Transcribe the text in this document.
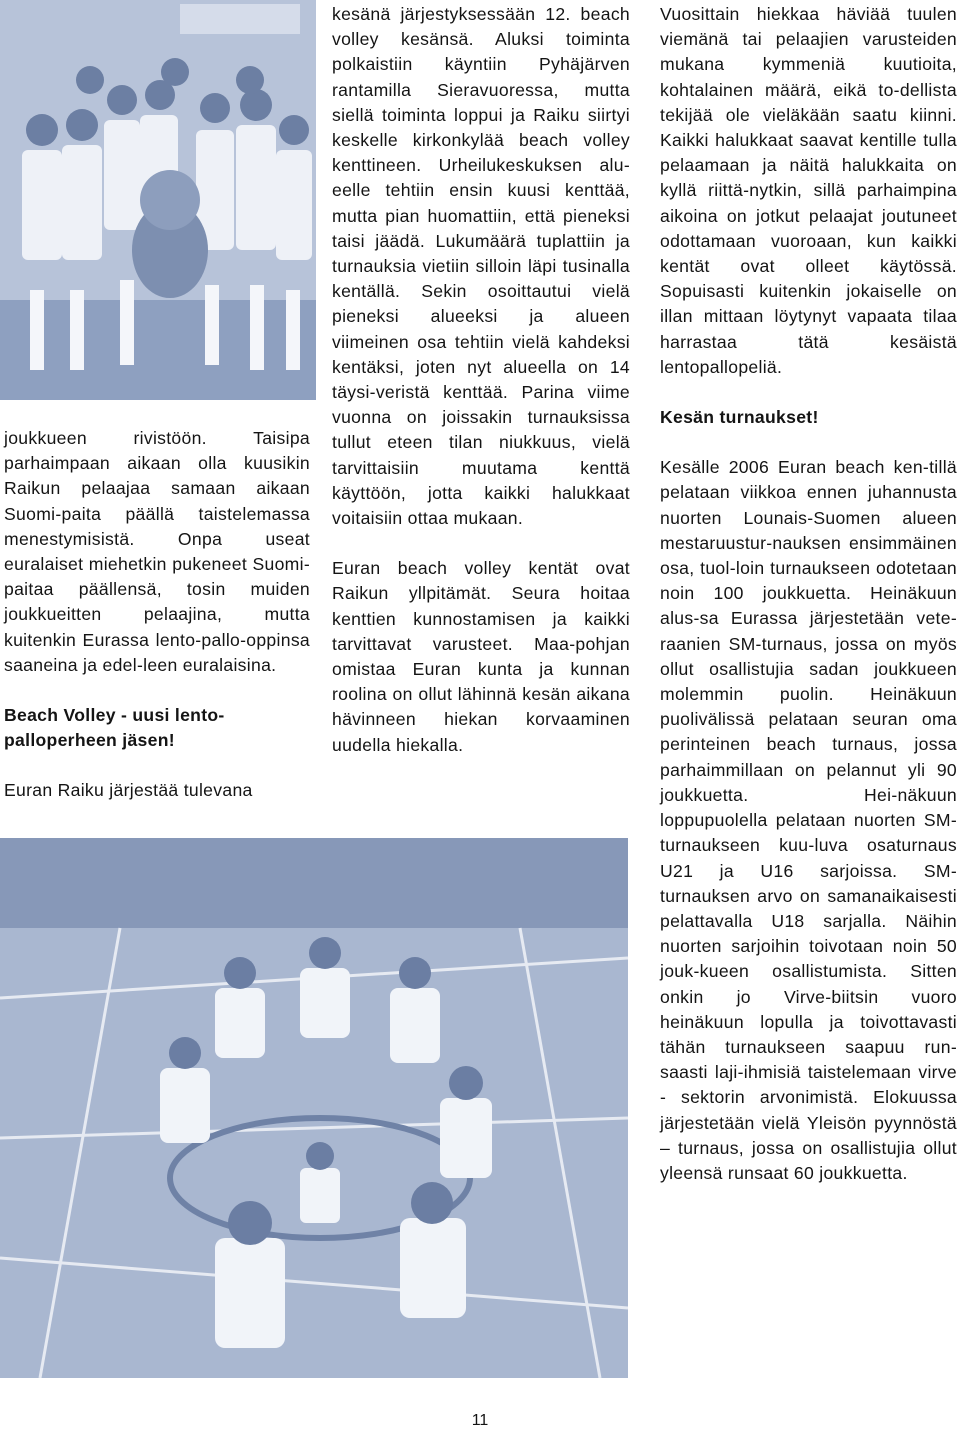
joukkueen rivistöön. Taisipa parhaimpaan aikaan olla kuusikin Raikun pelaajaa samaan aikaan Suomi-paita päällä taistelemassa menestymisistä. Onpa useat euralaiset miehetkin pukeneet Suomi-paitaa päällensä, tosin muiden joukkueitten pelaajina, mutta kuitenkin Eurassa lento-pallo-oppinsa saaneina ja edel-leen euralaisina.

Beach Volley - uusi lento-palloperheen jäsen!

Euran Raiku järjestää tulevana

kesänä järjestyksessään 12. beach volley kesänsä. Aluksi toiminta polkaistiin käyntiin Pyhäjärven rantamilla Sieravuoressa, mutta siellä toiminta loppui ja Raiku siirtyi keskelle kirkonkylää beach volley kenttineen. Urheilukeskuksen alu-eelle tehtiin ensin kuusi kenttää, mutta pian huomattiin, että pieneksi taisi jäädä. Lukumäärä tuplattiin ja turnauksia vietiin silloin läpi tusinalla kentällä. Sekin osoittautui vielä pieneksi alueeksi ja alueen viimeinen osa tehtiin vielä kahdeksi kentäksi, joten nyt alueella on 14 täysi-veristä kenttää. Parina viime vuonna on joissakin turnauksissa tullut eteen tilan niukkuus, vielä tarvittaisiin muutama kenttä käyttöön, jotta kaikki halukkaat voitaisiin ottaa mukaan.

Euran beach volley kentät ovat Raikun yllpitämät. Seura hoitaa kenttien kunnostamisen ja kaikki tarvittavat varusteet. Maa-pohjan omistaa Euran kunta ja kunnan roolina on ollut lähinnä kesän aikana hävinneen hiekan korvaaminen uudella hiekalla.

Vuosittain hiekkaa häviää tuulen viemänä tai pelaajien varusteiden mukana kymmeniä kuutioita, kohtalainen määrä, eikä to-dellista tekijää ole vieläkään saatu kiinni. Kaikki halukkaat saavat kentille tulla pelaamaan ja näitä halukkaita on kyllä riittä-nytkin, sillä parhaimpina aikoina on jotkut pelaajat joutuneet odottamaan vuoroaan, kun kaikki kentät ovat olleet käytössä. Sopuisasti kuitenkin jokaiselle on illan mittaan löytynyt vapaata tilaa harrastaa tätä kesäistä lentopallopeliä.

Kesän turnaukset!

Kesälle 2006 Euran beach ken-tillä pelataan viikkoa ennen juhannusta nuorten Lounais-Suomen alueen mestaruustur-nauksen ensimmäinen osa, tuol-loin turnaukseen odotetaan noin 100 joukkuetta. Heinäkuun alus-sa Eurassa järjestetään vete-raanien SM-turnaus, jossa on myös ollut osallistujia sadan joukkueen molemmin puolin. Heinäkuun puolivälissä pelataan seuran oma perinteinen beach turnaus, jossa parhaimmillaan on pelannut yli 90 joukkuetta. Hei-näkuun loppupuolella pelataan nuorten SM-turnaukseen kuu-luva osaturnaus U21 ja U16 sarjoissa. SM-turnauksen arvo on samanaikaisesti pelattavalla U18 sarjalla. Näihin nuorten sarjoihin toivotaan noin 50 jouk-kueen osallistumista. Sitten onkin jo Virve-biitsin vuoro heinäkuun lopulla ja toivottavasti tähän turnaukseen saapuu run-saasti laji-ihmisiä taistelemaan virve - sektorin arvonimistä. Elokuussa järjestetään vielä Yleisön pyynnöstä – turnaus, jossa on osallistujia ollut yleensä runsaat 60 joukkuetta.

11
